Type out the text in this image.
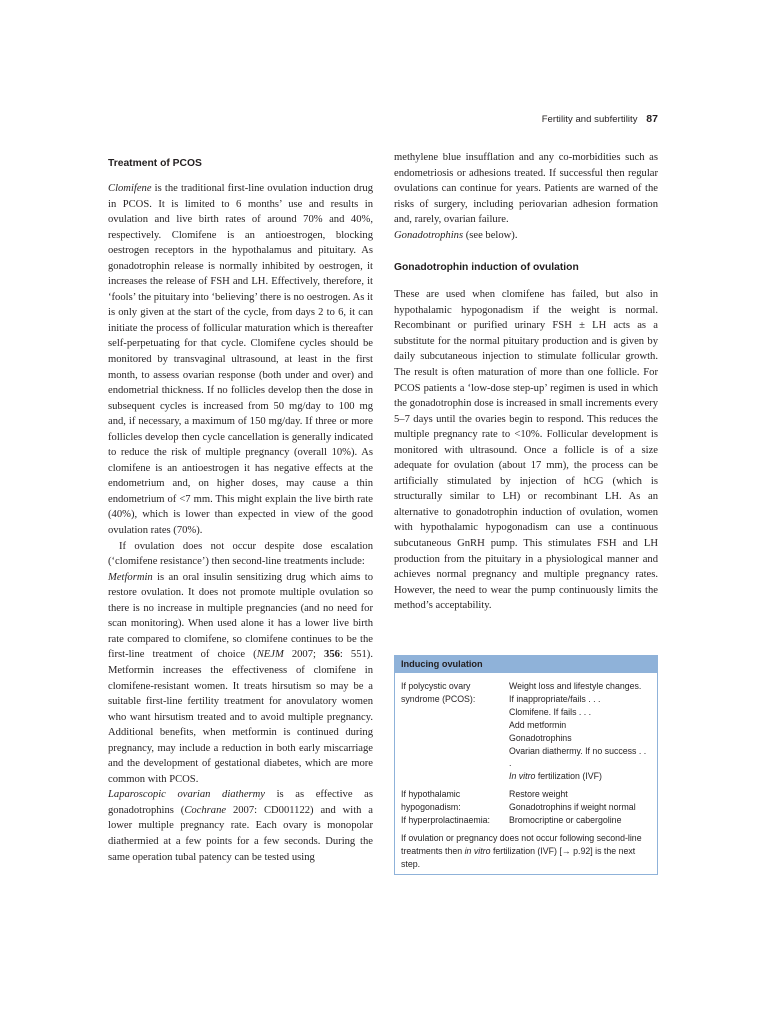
Fertility and subfertility 87
Treatment of PCOS

Clomifene is the traditional first-line ovulation induction drug in PCOS. It is limited to 6 months’ use and results in ovulation and live birth rates of around 70% and 40%, respectively. Clomifene is an antioestrogen, blocking oestrogen receptors in the hypothalamus and pituitary. As gonadotrophin release is normally inhibited by oestrogen, it increases the release of FSH and LH. Effectively, therefore, it ‘fools’ the pituitary into ‘believing’ there is no oestrogen. As it is only given at the start of the cycle, from days 2 to 6, it can initiate the process of follicular maturation which is thereafter self-perpetuating for that cycle. Clomifene cycles should be monitored by transvaginal ultrasound, at least in the first month, to assess ovarian response (both under and over) and endometrial thickness. If no follicles develop then the dose in subsequent cycles is increased from 50 mg/day to 100 mg and, if necessary, a maximum of 150 mg/day. If three or more follicles develop then cycle cancellation is generally indicated to reduce the risk of multiple pregnancy (overall 10%). As clomifene is an antioestrogen it has negative effects at the endometrium and, on higher doses, may cause a thin endometrium of <7 mm. This might explain the live birth rate (40%), which is lower than expected in view of the good ovulation rates (70%).

If ovulation does not occur despite dose escalation (‘clomifene resistance’) then second-line treatments include:

Metformin is an oral insulin sensitizing drug which aims to restore ovulation. It does not promote multiple ovulation so there is no increase in multiple pregnancies (and no need for scan monitoring). When used alone it has a lower live birth rate compared to clomifene, so clomifene continues to be the first-line treatment of choice (NEJM 2007; 356: 551). Metformin increases the effectiveness of clomifene in clomifene-resistant women. It treats hirsutism so may be a suitable first-line fertility treatment for anovulatory women who want hirsutism treated and to avoid multiple pregnancy. Additional benefits, when metformin is continued during pregnancy, may include a reduction in both early miscarriage and the development of gestational diabetes, which are more common with PCOS.

Laparoscopic ovarian diathermy is as effective as gonadotrophins (Cochrane 2007: CD001122) and with a lower multiple pregnancy rate. Each ovary is monopolar diathermied at a few points for a few seconds. During the same operation tubal patency can be tested using

methylene blue insufflation and any co-morbidities such as endometriosis or adhesions treated. If successful then regular ovulations can continue for years. Patients are warned of the risks of surgery, including periovarian adhesion formation and, rarely, ovarian failure.
Gonadotrophins (see below).

Gonadotrophin induction of ovulation

These are used when clomifene has failed, but also in hypothalamic hypogonadism if the weight is normal. Recombinant or purified urinary FSH ± LH acts as a substitute for the normal pituitary production and is given by daily subcutaneous injection to stimulate follicular growth. The result is often maturation of more than one follicle. For PCOS patients a ‘low-dose step-up’ regimen is used in which the gonadotrophin dose is increased in small increments every 5–7 days until the ovaries begin to respond. This reduces the multiple pregnancy rate to <10%. Follicular development is monitored with ultrasound. Once a follicle is of a size adequate for ovulation (about 17 mm), the process can be artificially stimulated by injection of hCG (which is structurally similar to LH) or recombinant LH. As an alternative to gonadotrophin induction of ovulation, women with hypothalamic hypogonadism can use a continuous subcutaneous GnRH pump. This stimulates FSH and LH production from the pituitary in a physiological manner and achieves normal pregnancy and multiple pregnancy rates. However, the need to wear the pump continuously limits the method’s acceptability.

Inducing ovulation
If polycystic ovary syndrome (PCOS):
Weight loss and lifestyle changes.
If inappropriate/fails . . .
Clomifene. If fails . . .
Add metformin
Gonadotrophins
Ovarian diathermy. If no success . . .
In vitro fertilization (IVF)
If hypothalamic hypogonadism:
If hyperprolactinaemia:
Restore weight
Gonadotrophins if weight normal
Bromocriptine or cabergoline
If ovulation or pregnancy does not occur following second-line treatments then in vitro fertilization (IVF) [→ p.92] is the next step.
